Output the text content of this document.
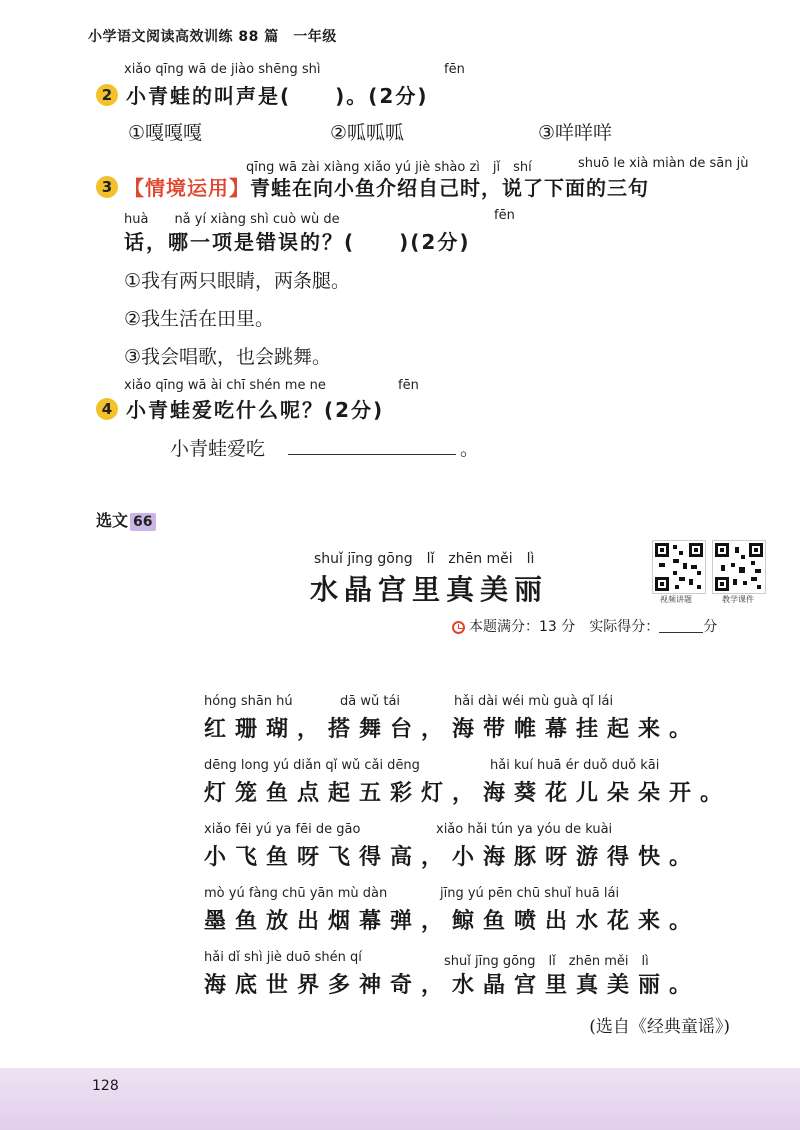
小学语文阅读高效训练 88 篇　一年级
xiǎo qīng wā de jiào shēng shì	fēn
2 小青蛙的叫声是(　　)。(2分)
①嘎嘎嘎	②呱呱呱	③咩咩咩
qīng wā zài xiàng xiǎo yú jiè shào zì　jǐ　shí	shuō le xià miàn de sān jù
3 【情境运用】青蛙在向小鱼介绍自己时，说了下面的三句
huà　　nǎ yí xiàng shì cuò wù de	fēn
话，哪一项是错误的？(　　)(2分)
①我有两只眼睛，两条腿。
②我生活在田里。
③我会唱歌，也会跳舞。
xiǎo qīng wā ài chī shén me ne	fēn
4 小青蛙爱吃什么呢？(2分)
小青蛙爱吃	。
选文 66
shuǐ jīng gōng　lǐ　zhēn měi　lì
水晶宫里真美丽	视频讲题	教学课件
本题满分：13 分　实际得分：	分
hóng shān hú	dā wǔ tái	hǎi dài wéi mù guà qǐ lái
红珊瑚，搭舞台，海带帷幕挂起来。
dēng long yú diǎn qǐ wǔ cǎi dēng	hǎi kuí huā ér duǒ duǒ kāi
灯笼鱼点起五彩灯，海葵花儿朵朵开。
xiǎo fēi yú ya fēi de gāo	xiǎo hǎi tún ya yóu de kuài
小飞鱼呀飞得高，小海豚呀游得快。
mò yú fàng chū yān mù dàn	jīng yú pēn chū shuǐ huā lái
墨鱼放出烟幕弹，鲸鱼喷出水花来。
hǎi dǐ shì jiè duō shén qí	shuǐ jīng gōng　lǐ　zhēn měi　lì
海底世界多神奇，水晶宫里真美丽。
(选自《经典童谣》)
128
